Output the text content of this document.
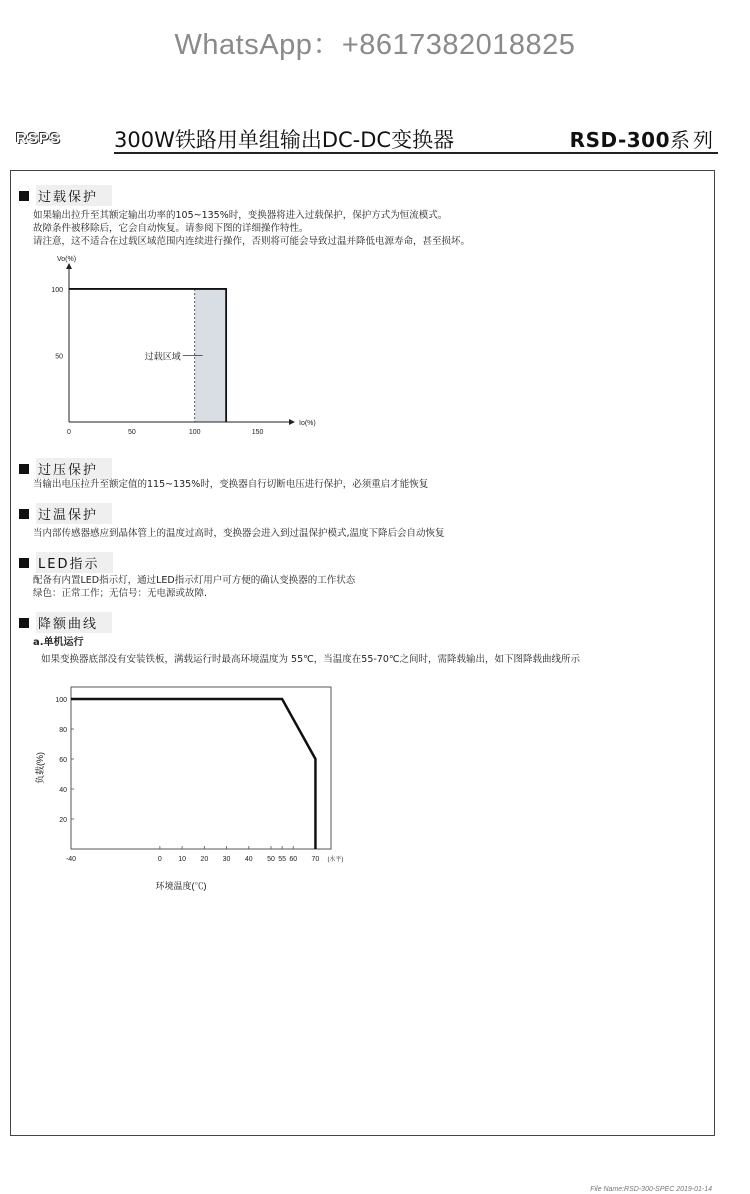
WhatsApp：+8617382018825
RSPS	300W铁路用单组输出DC-DC变换器	RSD-300系列
过载保护
如果输出拉升至其额定输出功率的105~135%时，变换器将进入过载保护，保护方式为恒流模式。
故障条件被移除后，它会自动恢复。请参阅下图的详细操作特性。
请注意，这不适合在过载区域范围内连续进行操作，否则将可能会导致过温并降低电源寿命，甚至损坏。
过载区域
Io(%)
Vo(%)
0	50	100	150
50
100
过压保护
当输出电压拉升至额定值的115~135%时，变换器自行切断电压进行保护，必须重启才能恢复
过温保护
当内部传感器感应到晶体管上的温度过高时，变换器会进入到过温保护模式,温度下降后会自动恢复
LED指示
配备有内置LED指示灯，通过LED指示灯用户可方便的确认变换器的工作状态
绿色：正常工作；无信号：无电源或故障.
降额曲线
a.单机运行
如果变换器底部没有安装铁板，满载运行时最高环境温度为 55℃，当温度在55-70℃之间时，需降载输出，如下图降载曲线所示
-40	0 10 20 30 40 50 55 60 70
20
40
60
80
100
(水平)
环境温度(℃)
负载(%)
File Name:RSD-300-SPEC 2019-01-14
